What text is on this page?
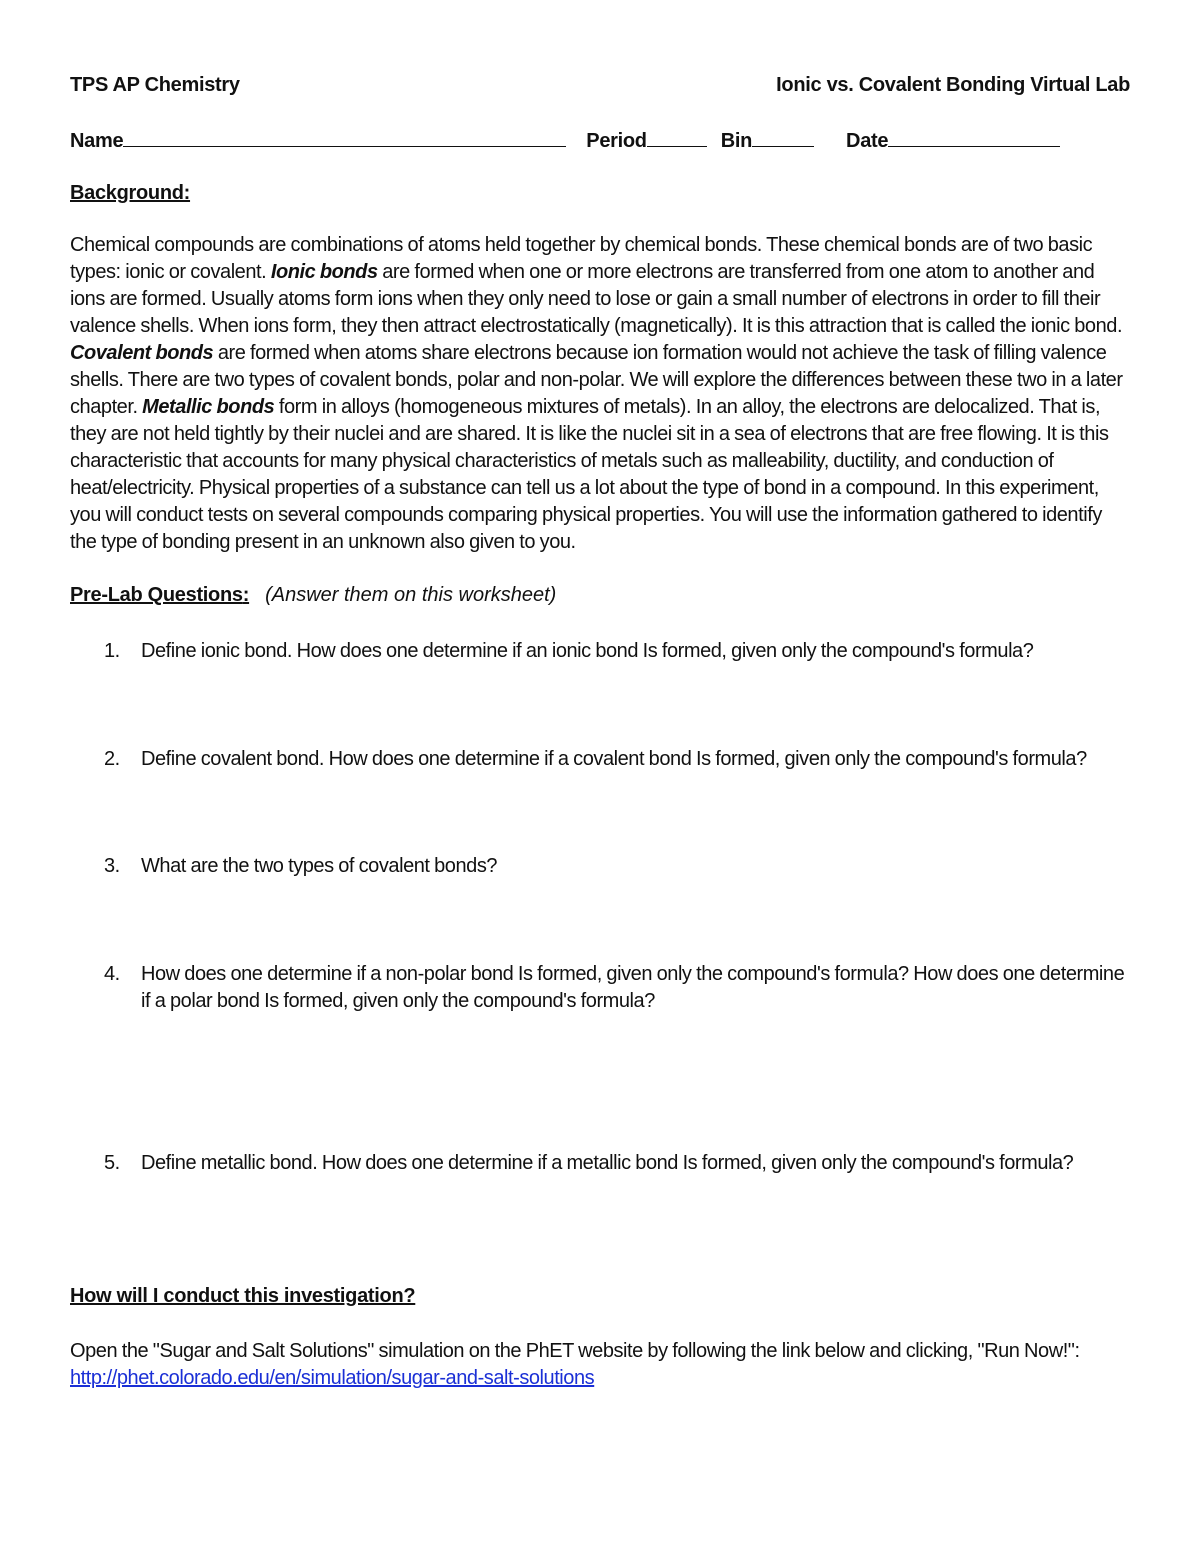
TPS AP Chemistry	Ionic vs. Covalent Bonding Virtual Lab
Name	Period	Bin	Date
Background:
Chemical compounds are combinations of atoms held together by chemical bonds. These chemical bonds are of two basic types: ionic or covalent. Ionic bonds are formed when one or more electrons are transferred from one atom to another and ions are formed. Usually atoms form ions when they only need to lose or gain a small number of electrons in order to fill their valence shells. When ions form, they then attract electrostatically (magnetically). It is this attraction that is called the ionic bond. Covalent bonds are formed when atoms share electrons because ion formation would not achieve the task of filling valence shells. There are two types of covalent bonds, polar and non-polar. We will explore the differences between these two in a later chapter. Metallic bonds form in alloys (homogeneous mixtures of metals). In an alloy, the electrons are delocalized. That is, they are not held tightly by their nuclei and are shared. It is like the nuclei sit in a sea of electrons that are free flowing. It is this characteristic that accounts for many physical characteristics of metals such as malleability, ductility, and conduction of heat/electricity. Physical properties of a substance can tell us a lot about the type of bond in a compound. In this experiment, you will conduct tests on several compounds comparing physical properties. You will use the information gathered to identify the type of bonding present in an unknown also given to you.
Pre-Lab Questions: (Answer them on this worksheet)
1.	Define ionic bond. How does one determine if an ionic bond Is formed, given only the compound's formula?
2.	Define covalent bond. How does one determine if a covalent bond Is formed, given only the compound's formula?
3.	What are the two types of covalent bonds?
4.	How does one determine if a non-polar bond Is formed, given only the compound's formula? How does one determine if a polar bond Is formed, given only the compound's formula?
5.	Define metallic bond. How does one determine if a metallic bond Is formed, given only the compound's formula?
How will I conduct this investigation?
Open the "Sugar and Salt Solutions" simulation on the PhET website by following the link below and clicking, "Run Now!":
http://phet.colorado.edu/en/simulation/sugar-and-salt-solutions
